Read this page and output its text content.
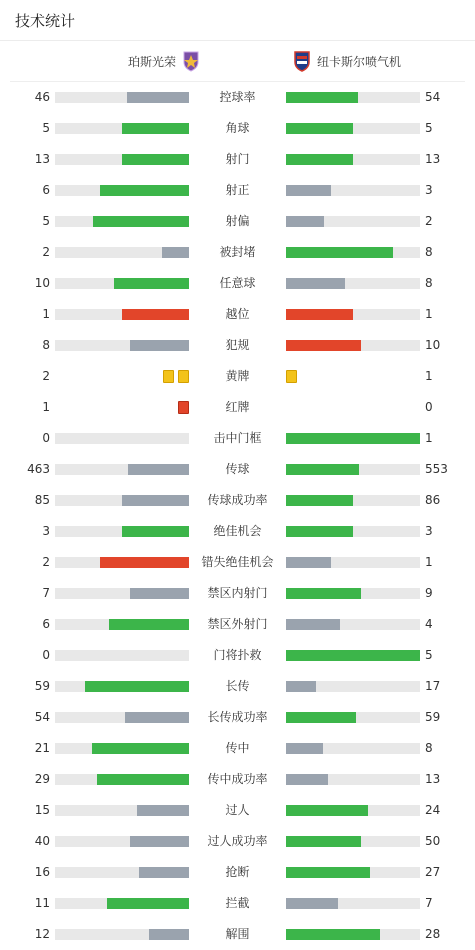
技术统计
珀斯光荣	纽卡斯尔喷气机
46	控球率	54
5	角球	5
13	射门	13
6	射正	3
5	射偏	2
2	被封堵	8
10	任意球	8
1	越位	1
8	犯规	10
2	黄牌	1
1	红牌	0
0	击中门框	1
463	传球	553
85	传球成功率	86
3	绝佳机会	3
2	错失绝佳机会	1
7	禁区内射门	9
6	禁区外射门	4
0	门将扑救	5
59	长传	17
54	长传成功率	59
21	传中	8
29	传中成功率	13
15	过人	24
40	过人成功率	50
16	抢断	27
11	拦截	7
12	解围	28
